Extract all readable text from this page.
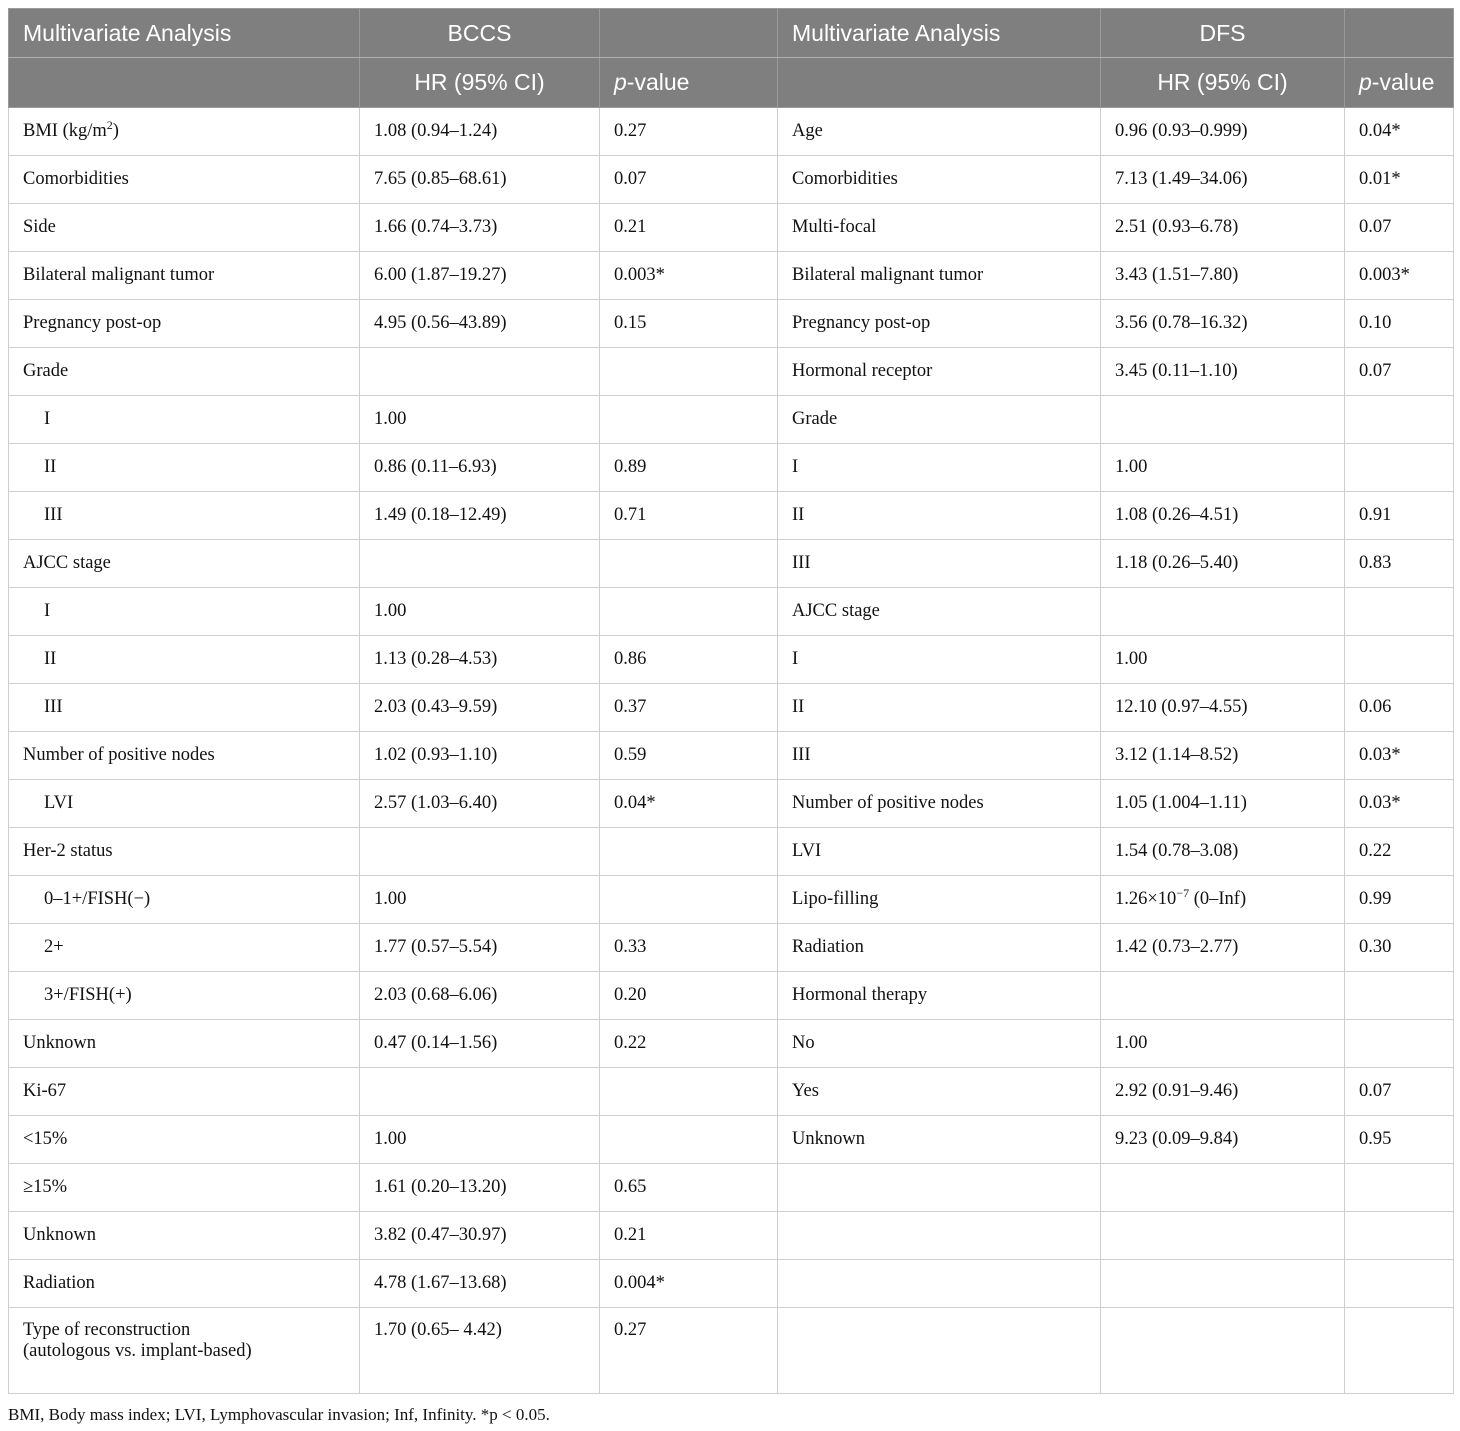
Multivariate Analysis	BCCS		Multivariate Analysis	DFS	
	HR (95% CI)	p-value		HR (95% CI)	p-value
BMI $(kg/m^2)$	1.08 (0.94–1.24)	0.27	Age	0.96 (0.93–0.999)	0.04*
Comorbidities	7.65 (0.85–68.61)	0.07	Comorbidities	7.13 (1.49–34.06)	0.01*
Side	1.66 (0.74–3.73)	0.21	Multi-focal	2.51 (0.93–6.78)	0.07
Bilateral malignant tumor	6.00 (1.87–19.27)	0.003*	Bilateral malignant tumor	3.43 (1.51–7.80)	0.003*
Pregnancy post-op	4.95 (0.56–43.89)	0.15	Pregnancy post-op	3.56 (0.78–16.32)	0.10
Grade			Hormonal receptor	3.45 (0.11–1.10)	0.07
I	1.00		Grade		
II	0.86 (0.11–6.93)	0.89	I	1.00	
III	1.49 (0.18–12.49)	0.71	II	1.08 (0.26–4.51)	0.91
AJCC stage			III	1.18 (0.26–5.40)	0.83
I	1.00		AJCC stage		
II	1.13 (0.28–4.53)	0.86	I	1.00	
III	2.03 (0.43–9.59)	0.37	II	12.10 (0.97–4.55)	0.06
Number of positive nodes	1.02 (0.93–1.10)	0.59	III	3.12 (1.14–8.52)	0.03*
LVI	2.57 (1.03–6.40)	0.04*	Number of positive nodes	1.05 (1.004–1.11)	0.03*
Her-2 status			LVI	1.54 (0.78–3.08)	0.22
0–1+/FISH(−)	1.00		Lipo-filling	$1.26\times 10^{-7}$ (0–Inf)	0.99
2+	1.77 (0.57–5.54)	0.33	Radiation	1.42 (0.73–2.77)	0.30
3+/FISH(+)	2.03 (0.68–6.06)	0.20	Hormonal therapy		
Unknown	0.47 (0.14–1.56)	0.22	No	1.00	
Ki-67			Yes	2.92 (0.91–9.46)	0.07
<15%	1.00		Unknown	9.23 (0.09–9.84)	0.95
≥15%	1.61 (0.20–13.20)	0.65			
Unknown	3.82 (0.47–30.97)	0.21			
Radiation	4.78 (1.67–13.68)	0.004*			
Type of reconstruction
(autologous vs. implant-based)	1.70 (0.65– 4.42)	0.27			
BMI, Body mass index; LVI, Lymphovascular invasion; Inf, Infinity. *p < 0.05.
